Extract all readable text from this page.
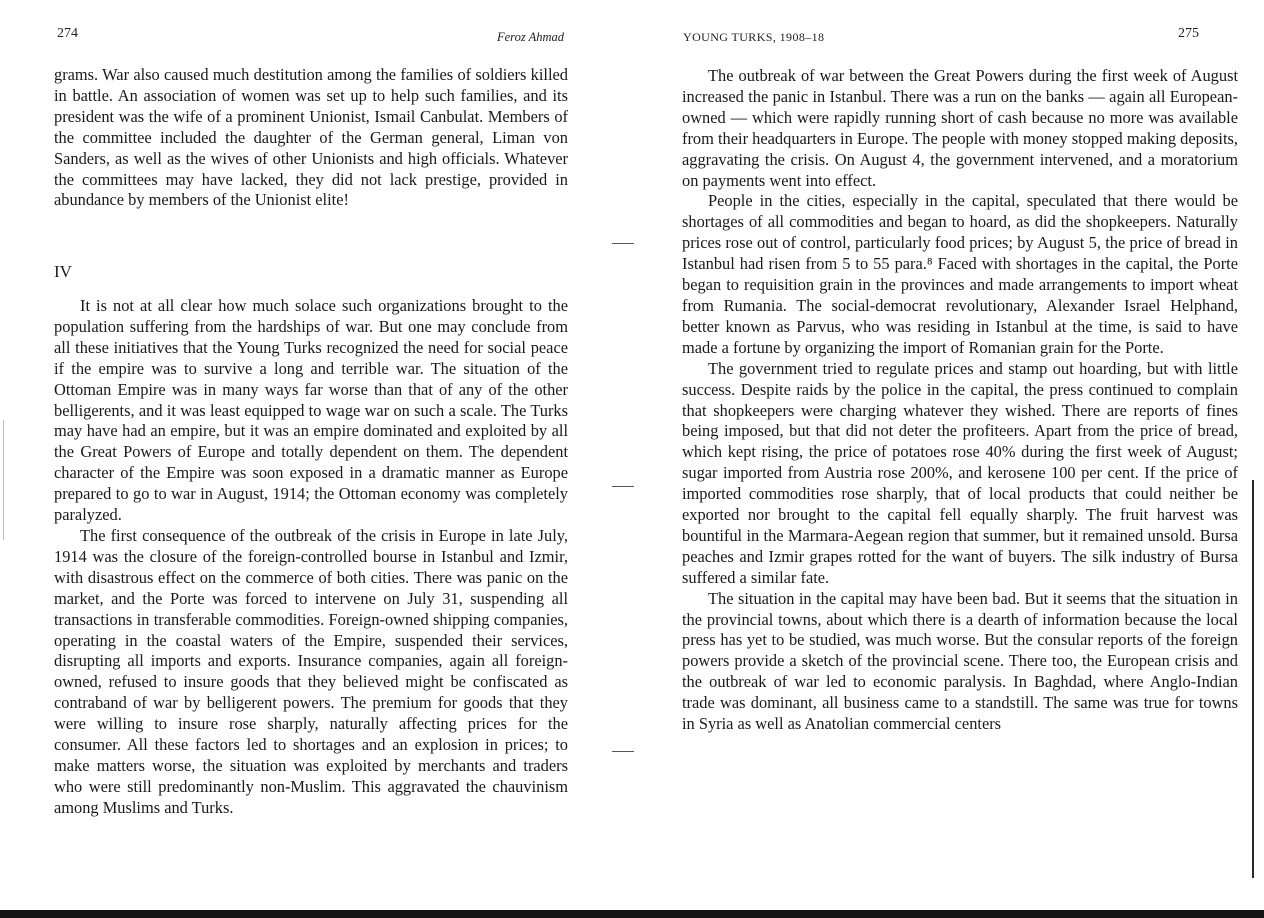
274	Feroz Ahmad

grams. War also caused much destitution among the families of soldiers killed in battle. An association of women was set up to help such families, and its president was the wife of a prominent Unionist, Ismail Canbulat. Members of the committee included the daughter of the German general, Liman von Sanders, as well as the wives of other Unionists and high officials. Whatever the committees may have lacked, they did not lack prestige, provided in abundance by members of the Unionist elite!

IV

It is not at all clear how much solace such organizations brought to the population suffering from the hardships of war. But one may conclude from all these initiatives that the Young Turks recognized the need for social peace if the empire was to survive a long and terrible war. The situation of the Ottoman Empire was in many ways far worse than that of any of the other belligerents, and it was least equipped to wage war on such a scale. The Turks may have had an empire, but it was an empire dominated and exploited by all the Great Powers of Europe and totally dependent on them. The dependent character of the Empire was soon exposed in a dramatic manner as Europe prepared to go to war in August, 1914; the Ottoman economy was completely paralyzed.

The first consequence of the outbreak of the crisis in Europe in late July, 1914 was the closure of the foreign-controlled bourse in Istanbul and Izmir, with disastrous effect on the commerce of both cities. There was panic on the market, and the Porte was forced to intervene on July 31, suspending all transactions in transferable commodities. Foreign-owned shipping companies, operating in the coastal waters of the Empire, suspended their services, disrupting all imports and exports. Insurance companies, again all foreign-owned, refused to insure goods that they believed might be confiscated as contraband of war by belligerent powers. The premium for goods that they were willing to insure rose sharply, naturally affecting prices for the consumer. All these factors led to shortages and an explosion in prices; to make matters worse, the situation was exploited by merchants and traders who were still predominantly non-Muslim. This aggravated the chauvinism among Muslims and Turks.

YOUNG TURKS, 1908–18	275

The outbreak of war between the Great Powers during the first week of August increased the panic in Istanbul. There was a run on the banks — again all European-owned — which were rapidly running short of cash because no more was available from their headquarters in Europe. The people with money stopped making deposits, aggravating the crisis. On August 4, the government intervened, and a moratorium on payments went into effect.

People in the cities, especially in the capital, speculated that there would be shortages of all commodities and began to hoard, as did the shopkeepers. Naturally prices rose out of control, particularly food prices; by August 5, the price of bread in Istanbul had risen from 5 to 55 para.⁸ Faced with shortages in the capital, the Porte began to requisition grain in the provinces and made arrangements to import wheat from Rumania. The social-democrat revolutionary, Alexander Israel Helphand, better known as Parvus, who was residing in Istanbul at the time, is said to have made a fortune by organizing the import of Romanian grain for the Porte.

The government tried to regulate prices and stamp out hoarding, but with little success. Despite raids by the police in the capital, the press continued to complain that shopkeepers were charging whatever they wished. There are reports of fines being imposed, but that did not deter the profiteers. Apart from the price of bread, which kept rising, the price of potatoes rose 40% during the first week of August; sugar imported from Austria rose 200%, and kerosene 100 per cent. If the price of imported commodities rose sharply, that of local products that could neither be exported nor brought to the capital fell equally sharply. The fruit harvest was bountiful in the Marmara-Aegean region that summer, but it remained unsold. Bursa peaches and Izmir grapes rotted for the want of buyers. The silk industry of Bursa suffered a similar fate.

The situation in the capital may have been bad. But it seems that the situation in the provincial towns, about which there is a dearth of information because the local press has yet to be studied, was much worse. But the consular reports of the foreign powers provide a sketch of the provincial scene. There too, the European crisis and the outbreak of war led to economic paralysis. In Baghdad, where Anglo-Indian trade was dominant, all business came to a standstill. The same was true for towns in Syria as well as Anatolian commercial centers
